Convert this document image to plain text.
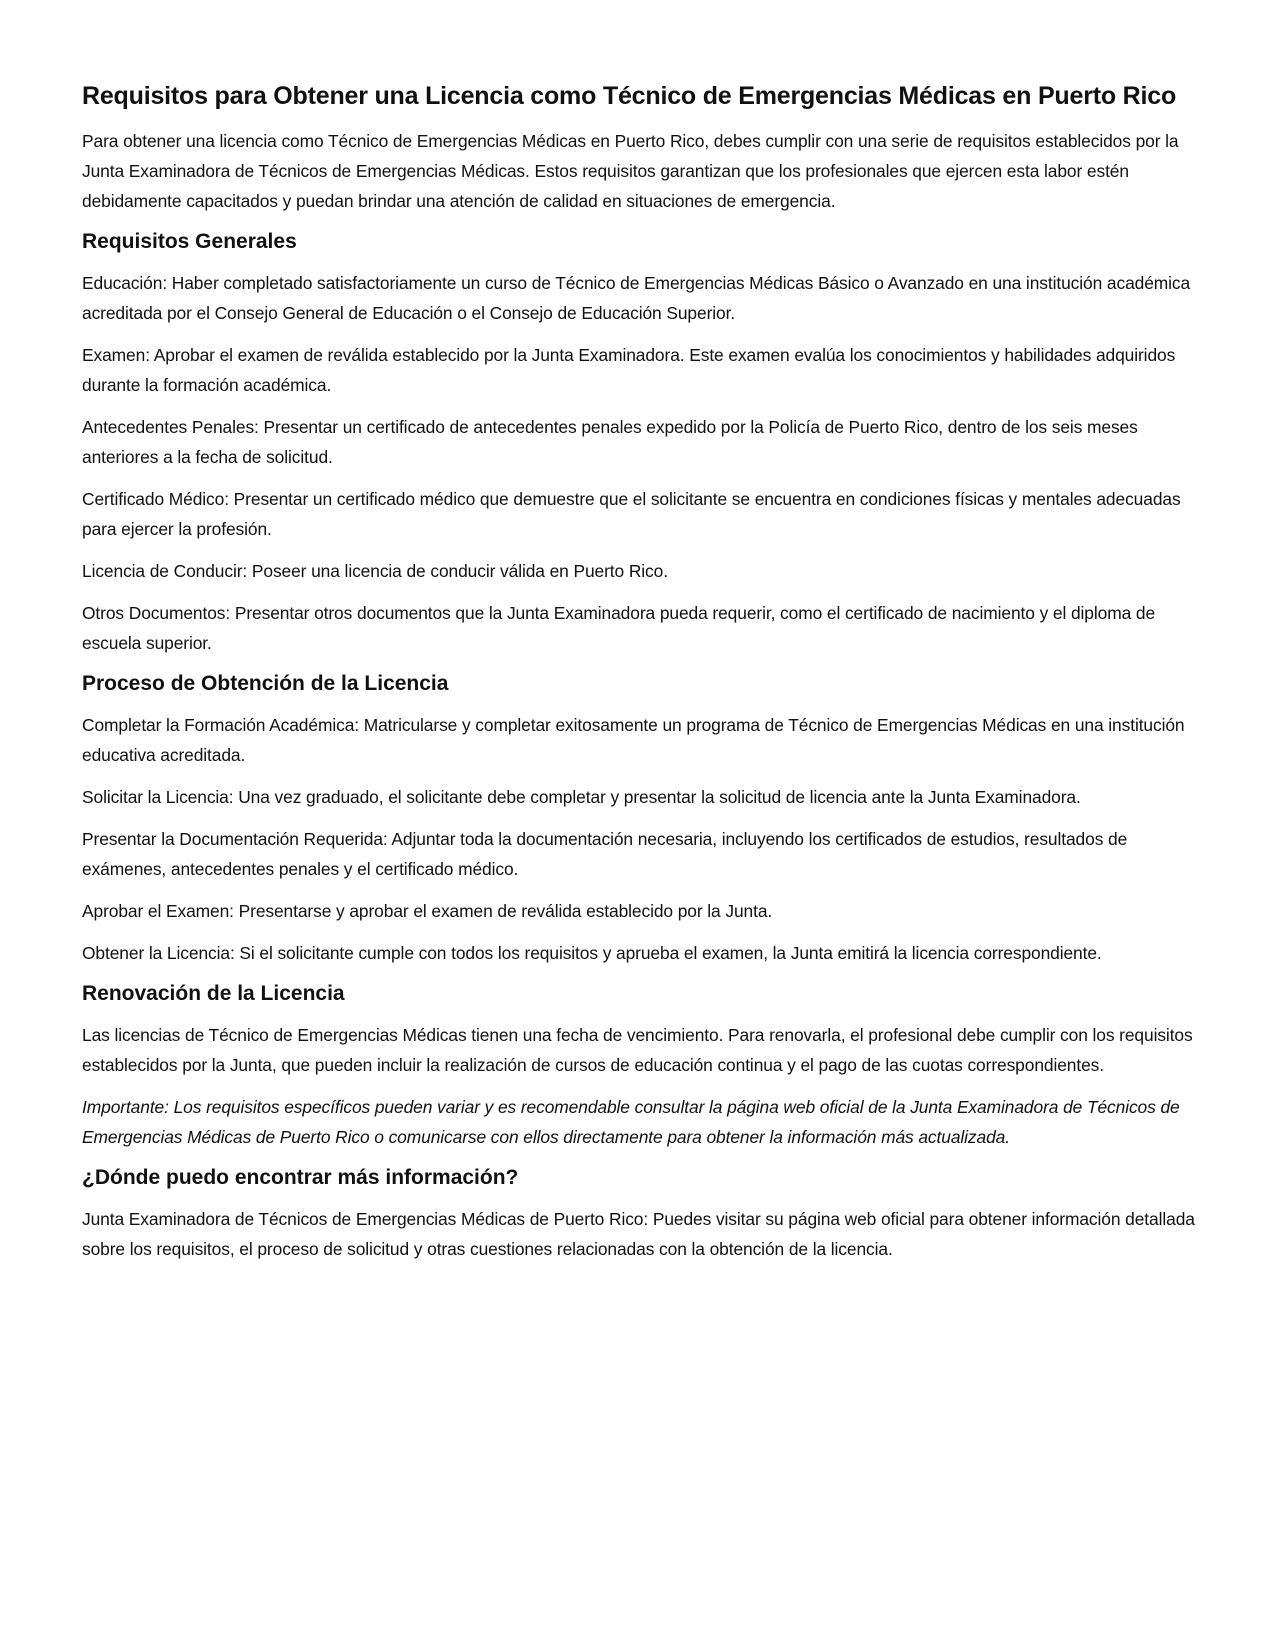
Requisitos para Obtener una Licencia como Técnico de Emergencias Médicas en Puerto Rico

Para obtener una licencia como Técnico de Emergencias Médicas en Puerto Rico, debes cumplir con una serie de requisitos establecidos por la Junta Examinadora de Técnicos de Emergencias Médicas. Estos requisitos garantizan que los profesionales que ejercen esta labor estén debidamente capacitados y puedan brindar una atención de calidad en situaciones de emergencia.

Requisitos Generales

Educación: Haber completado satisfactoriamente un curso de Técnico de Emergencias Médicas Básico o Avanzado en una institución académica acreditada por el Consejo General de Educación o el Consejo de Educación Superior.

Examen: Aprobar el examen de reválida establecido por la Junta Examinadora. Este examen evalúa los conocimientos y habilidades adquiridos durante la formación académica.

Antecedentes Penales: Presentar un certificado de antecedentes penales expedido por la Policía de Puerto Rico, dentro de los seis meses anteriores a la fecha de solicitud.

Certificado Médico: Presentar un certificado médico que demuestre que el solicitante se encuentra en condiciones físicas y mentales adecuadas para ejercer la profesión.

Licencia de Conducir: Poseer una licencia de conducir válida en Puerto Rico.

Otros Documentos: Presentar otros documentos que la Junta Examinadora pueda requerir, como el certificado de nacimiento y el diploma de escuela superior.

Proceso de Obtención de la Licencia

Completar la Formación Académica: Matricularse y completar exitosamente un programa de Técnico de Emergencias Médicas en una institución educativa acreditada.

Solicitar la Licencia: Una vez graduado, el solicitante debe completar y presentar la solicitud de licencia ante la Junta Examinadora.

Presentar la Documentación Requerida: Adjuntar toda la documentación necesaria, incluyendo los certificados de estudios, resultados de exámenes, antecedentes penales y el certificado médico.

Aprobar el Examen: Presentarse y aprobar el examen de reválida establecido por la Junta.

Obtener la Licencia: Si el solicitante cumple con todos los requisitos y aprueba el examen, la Junta emitirá la licencia correspondiente.

Renovación de la Licencia

Las licencias de Técnico de Emergencias Médicas tienen una fecha de vencimiento. Para renovarla, el profesional debe cumplir con los requisitos establecidos por la Junta, que pueden incluir la realización de cursos de educación continua y el pago de las cuotas correspondientes.

Importante: Los requisitos específicos pueden variar y es recomendable consultar la página web oficial de la Junta Examinadora de Técnicos de Emergencias Médicas de Puerto Rico o comunicarse con ellos directamente para obtener la información más actualizada.

¿Dónde puedo encontrar más información?

Junta Examinadora de Técnicos de Emergencias Médicas de Puerto Rico: Puedes visitar su página web oficial para obtener información detallada sobre los requisitos, el proceso de solicitud y otras cuestiones relacionadas con la obtención de la licencia.
